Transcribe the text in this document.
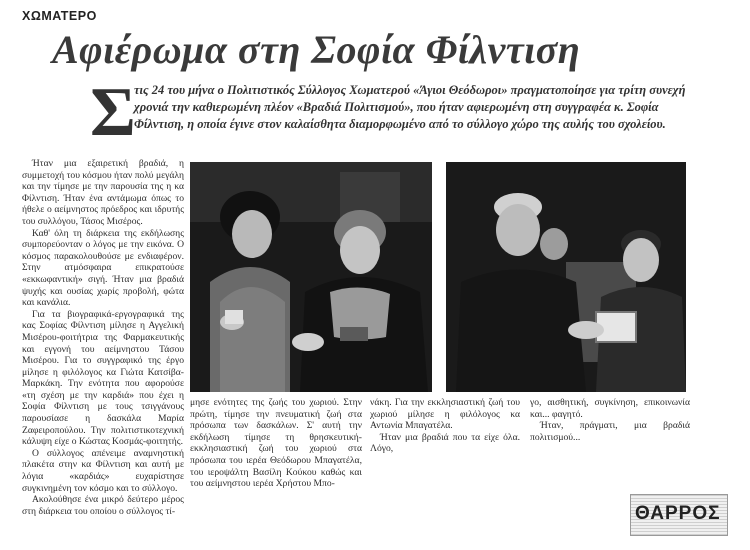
ΧΩΜΑΤΕΡΟ
Αφιέρωμα στη Σοφία Φίλντιση
Σ
τις 24 του μήνα ο Πολιτιστικός Σύλλογος Χωματερού «Άγιοι Θεόδωροι» πραγματοποίησε για τρίτη συνεχή χρονιά την καθιερωμένη πλέον «Βραδιά Πολιτισμού», που ήταν αφιερωμένη στη συγγραφέα κ. Σοφία Φίλντιση, η οποία έγινε στον καλαίσθητα διαμορφωμένο από το σύλλογο χώρο της αυλής του σχολείου.

Ήταν μια εξαιρετική βραδιά, η συμμετοχή του κόσμου ήταν πολύ μεγάλη και την τίμησε με την παρουσία της η κα Φίλντιση. Ήταν ένα αντάμωμα όπως το ήθελε ο αείμνηστος πρόεδρος και ιδρυτής του συλλόγου, Τάσος Μισέρος.

Καθ' όλη τη διάρκεια της εκδήλωσης συμπορεύονταν ο λόγος με την εικόνα. Ο κόσμος παρακολουθούσε με ενδιαφέρον. Στην ατμόσφαιρα επικρατούσε «εκκωφαντική» σιγή. Ήταν μια βραδιά ψυχής και ουσίας χωρίς προβολή, φώτα και κανάλια.

Για τα βιογραφικά-εργογραφικά της κας Σοφίας Φίλντιση μίλησε η Αγγελική Μισέρου-φοιτήτρια της Φαρμακευτικής και εγγονή του αείμνηστου Τάσου Μισέρου. Για το συγγραφικό της έργο μίλησε η φιλόλογος κα Γιώτα Κατσίβα-Μαρκάκη. Την ενότητα που αφορούσε «τη σχέση με την καρδιά» που έχει η Σοφία Φίλντιση με τους τσιγγάνους παρουσίασε η δασκάλα Μαρία Ζαφειροπούλου. Την πολιτιστικοτεχνική κάλυψη είχε ο Κώστας Κοσμάς-φοιτητής.

Ο σύλλογος απένειμε αναμνηστική πλακέτα στην κα Φίλντιση και αυτή με λόγια «καρδιάς» ευχαρίστησε συγκινημένη τον κόσμο και το σύλλογο.

Ακολούθησε ένα μικρό δεύτερο μέρος στη διάρκεια του οποίου ο σύλλογος τί-

μησε ενότητες της ζωής του χωριού. Στην πρώτη, τίμησε την πνευματική ζωή στα πρόσωπα των δασκάλων. Σ' αυτή την εκδήλωση τίμησε τη θρησκευτική- εκκλησιαστική ζωή του χωριού στα πρόσωπα του ιερέα Θεόδωρου Μπαγατέλα, του ιεροψάλτη Βασίλη Κούκου καθώς και του αείμνηστου ιερέα Χρήστου Μπο-

νάκη. Για την εκκλησιαστική ζωή του χωριού μίλησε η φιλόλογος κα Αντωνία Μπαγατέλα.

Ήταν μια βραδιά που τα είχε όλα. Λόγο,

γο, αισθητική, συγκίνηση, επικοινωνία και... φαγητό.

Ήταν, πράγματι, μια βραδιά πολιτισμού...

ΘΑΡΡΟΣ
